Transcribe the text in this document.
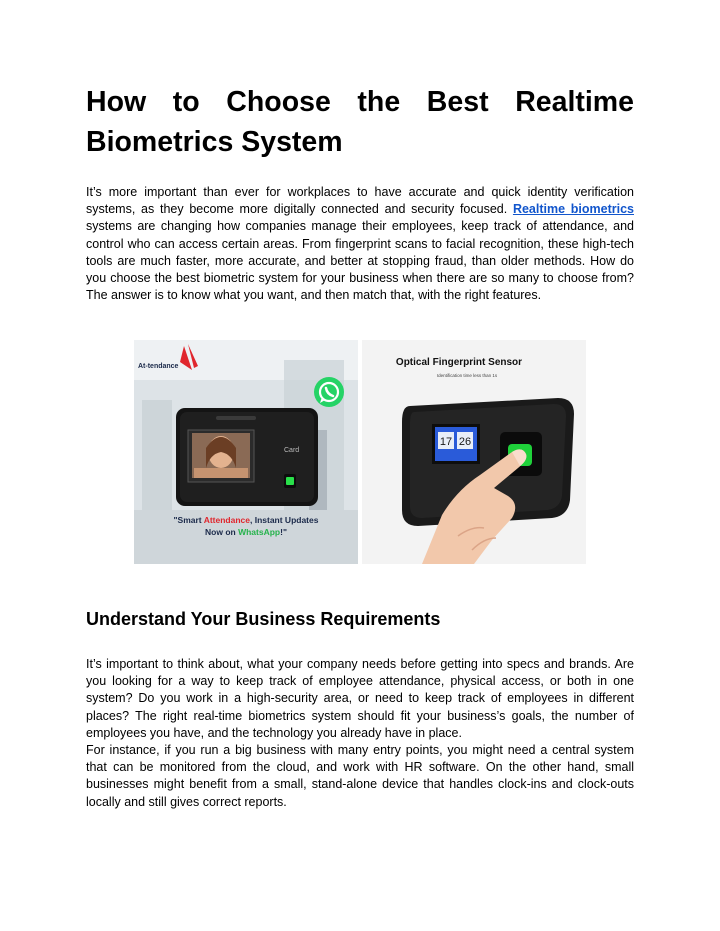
How to Choose the Best Realtime
Biometrics System

It’s more important than ever for workplaces to have accurate and quick identity verification systems, as they become more digitally connected and security focused. Realtime biometrics systems are changing how companies manage their employees, keep track of attendance, and control who can access certain areas. From fingerprint scans to facial recognition, these high-tech tools are much faster, more accurate, and better at stopping fraud, than older methods. How do you choose the best biometric system for your business when there are so many to choose from? The answer is to know what you want, and then match that, with the right features.

At-tendance
Card
"Smart Attendance, Instant Updates
Now on WhatsApp!"
Optical Fingerprint Sensor
Identification time less than 1s
17 26
Understand Your Business Requirements

It’s important to think about, what your company needs before getting into specs and brands. Are you looking for a way to keep track of employee attendance, physical access, or both in one system? Do you work in a high-security area, or need to keep track of employees in different places? The right real-time biometrics system should fit your business’s goals, the number of employees you have, and the technology you already have in place.

For instance, if you run a big business with many entry points, you might need a central system that can be monitored from the cloud, and work with HR software. On the other hand, small businesses might benefit from a small, stand-alone device that handles clock-ins and clock-outs locally and still gives correct reports.
